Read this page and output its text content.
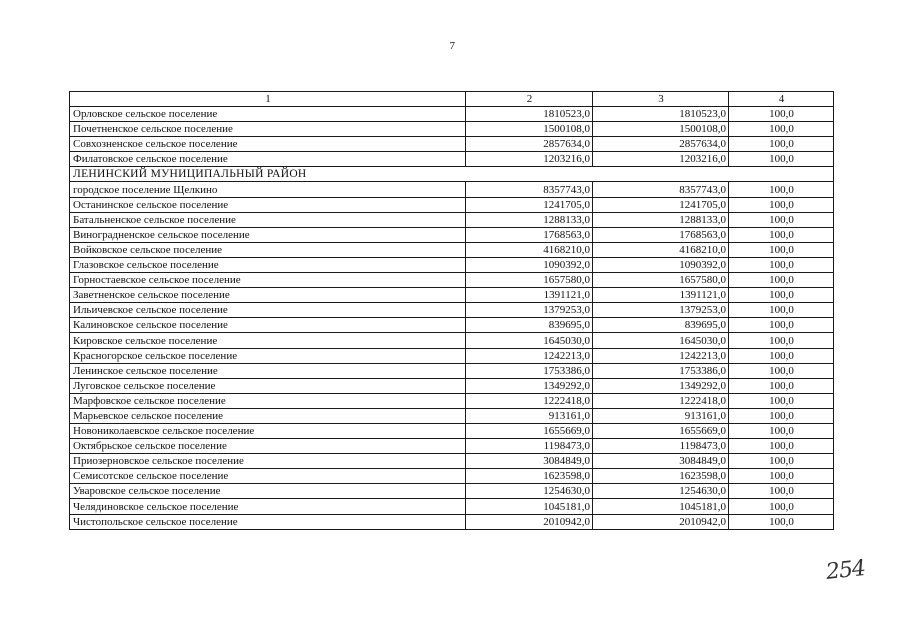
7
1	2	3	4
Орловское сельское поселение	1810523,0	1810523,0	100,0
Почетненское сельское поселение	1500108,0	1500108,0	100,0
Совхозненское сельское поселение	2857634,0	2857634,0	100,0
Филатовское сельское поселение	1203216,0	1203216,0	100,0
ЛЕНИНСКИЙ МУНИЦИПАЛЬНЫЙ РАЙОН			
городское поселение Щелкино	8357743,0	8357743,0	100,0
Останинское сельское поселение	1241705,0	1241705,0	100,0
Батальненское сельское поселение	1288133,0	1288133,0	100,0
Виноградненское сельское поселение	1768563,0	1768563,0	100,0
Войковское сельское поселение	4168210,0	4168210,0	100,0
Глазовское сельское поселение	1090392,0	1090392,0	100,0
Горностаевское сельское поселение	1657580,0	1657580,0	100,0
Заветненское сельское поселение	1391121,0	1391121,0	100,0
Ильичевское сельское поселение	1379253,0	1379253,0	100,0
Калиновское сельское поселение	839695,0	839695,0	100,0
Кировское сельское поселение	1645030,0	1645030,0	100,0
Красногорское сельское поселение	1242213,0	1242213,0	100,0
Ленинское сельское поселение	1753386,0	1753386,0	100,0
Луговское сельское поселение	1349292,0	1349292,0	100,0
Марфовское сельское поселение	1222418,0	1222418,0	100,0
Марьевское сельское поселение	913161,0	913161,0	100,0
Новониколаевское сельское поселение	1655669,0	1655669,0	100,0
Октябрьское сельское поселение	1198473,0	1198473,0	100,0
Приозерновское сельское поселение	3084849,0	3084849,0	100,0
Семисотское сельское поселение	1623598,0	1623598,0	100,0
Уваровское сельское поселение	1254630,0	1254630,0	100,0
Челядиновское сельское поселение	1045181,0	1045181,0	100,0
Чистопольское сельское поселение	2010942,0	2010942,0	100,0
254
